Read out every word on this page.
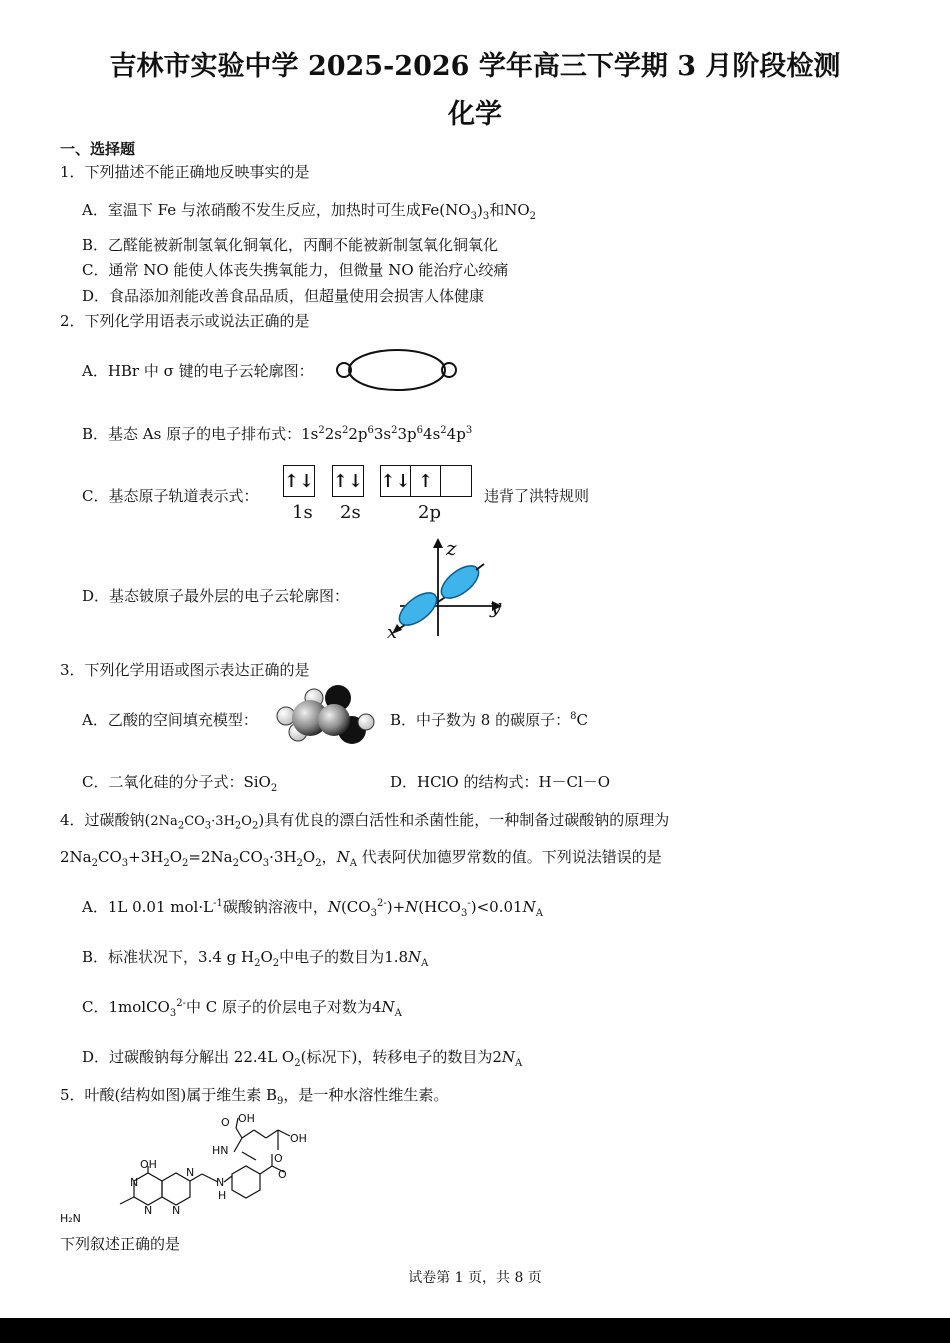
吉林市实验中学 2025-2026 学年高三下学期 3 月阶段检测
化学
一、选择题
1．下列描述不能正确地反映事实的是
A．室温下 Fe 与浓硝酸不发生反应，加热时可生成$Fe(NO_3)_3$和$NO_2$
B．乙醛能被新制氢氧化铜氧化，丙酮不能被新制氢氧化铜氧化
C．通常 NO 能使人体丧失携氧能力，但微量 NO 能治疗心绞痛
D．食品添加剂能改善食品品质，但超量使用会损害人体健康
2．下列化学用语表示或说法正确的是
A．HBr 中 σ 键的电子云轮廓图：
B．基态 As 原子的电子排布式：$1s^22s^22p^63s^23p^64s^24p^3$
C．基态原子轨道表示式：
↑↓ ↑↓ ↑↓ ↑
违背了洪特规则
1s 2s	2p
D．基态铍原子最外层的电子云轮廓图：
z
y
x
3．下列化学用语或图示表达正确的是
A．乙酸的空间填充模型：	B．中子数为 8 的碳原子：$^8$C
C．二氧化硅的分子式：SiO$_2$	D．HClO 的结构式：H－Cl－O
4．过碳酸钠$(2Na_2CO_3\cdot 3H_2O_2)$具有优良的漂白活性和杀菌性能，一种制备过碳酸钠的原理为
$2Na_2CO_3+3H_2O_2=2Na_2CO_3\cdot 3H_2O_2$，$N_A$ 代表阿伏加德罗常数的值。下列说法错误的是
A．1L 0.01 $mol\cdot L^{-1}$碳酸钠溶液中，$N(CO_3^{2-})+N(HCO_3^-)<0.01N_A$
B．标准状况下，3.4 g $H_2O_2$中电子的数目为$1.8N_A$
C．1molCO$_3^{2-}$中 C 原子的价层电子对数为$4N_A$
D．过碳酸钠每分解出 22.4L $O_2$(标况下)，转移电子的数目为$2N_A$
5．叶酸(结构如图)属于维生素 $B_9$，是一种水溶性维生素。
O OH
OH
O
HN
O
OH
N
H
N
N
N
N
H₂N
下列叙述正确的是
试卷第 1 页，共 8 页
